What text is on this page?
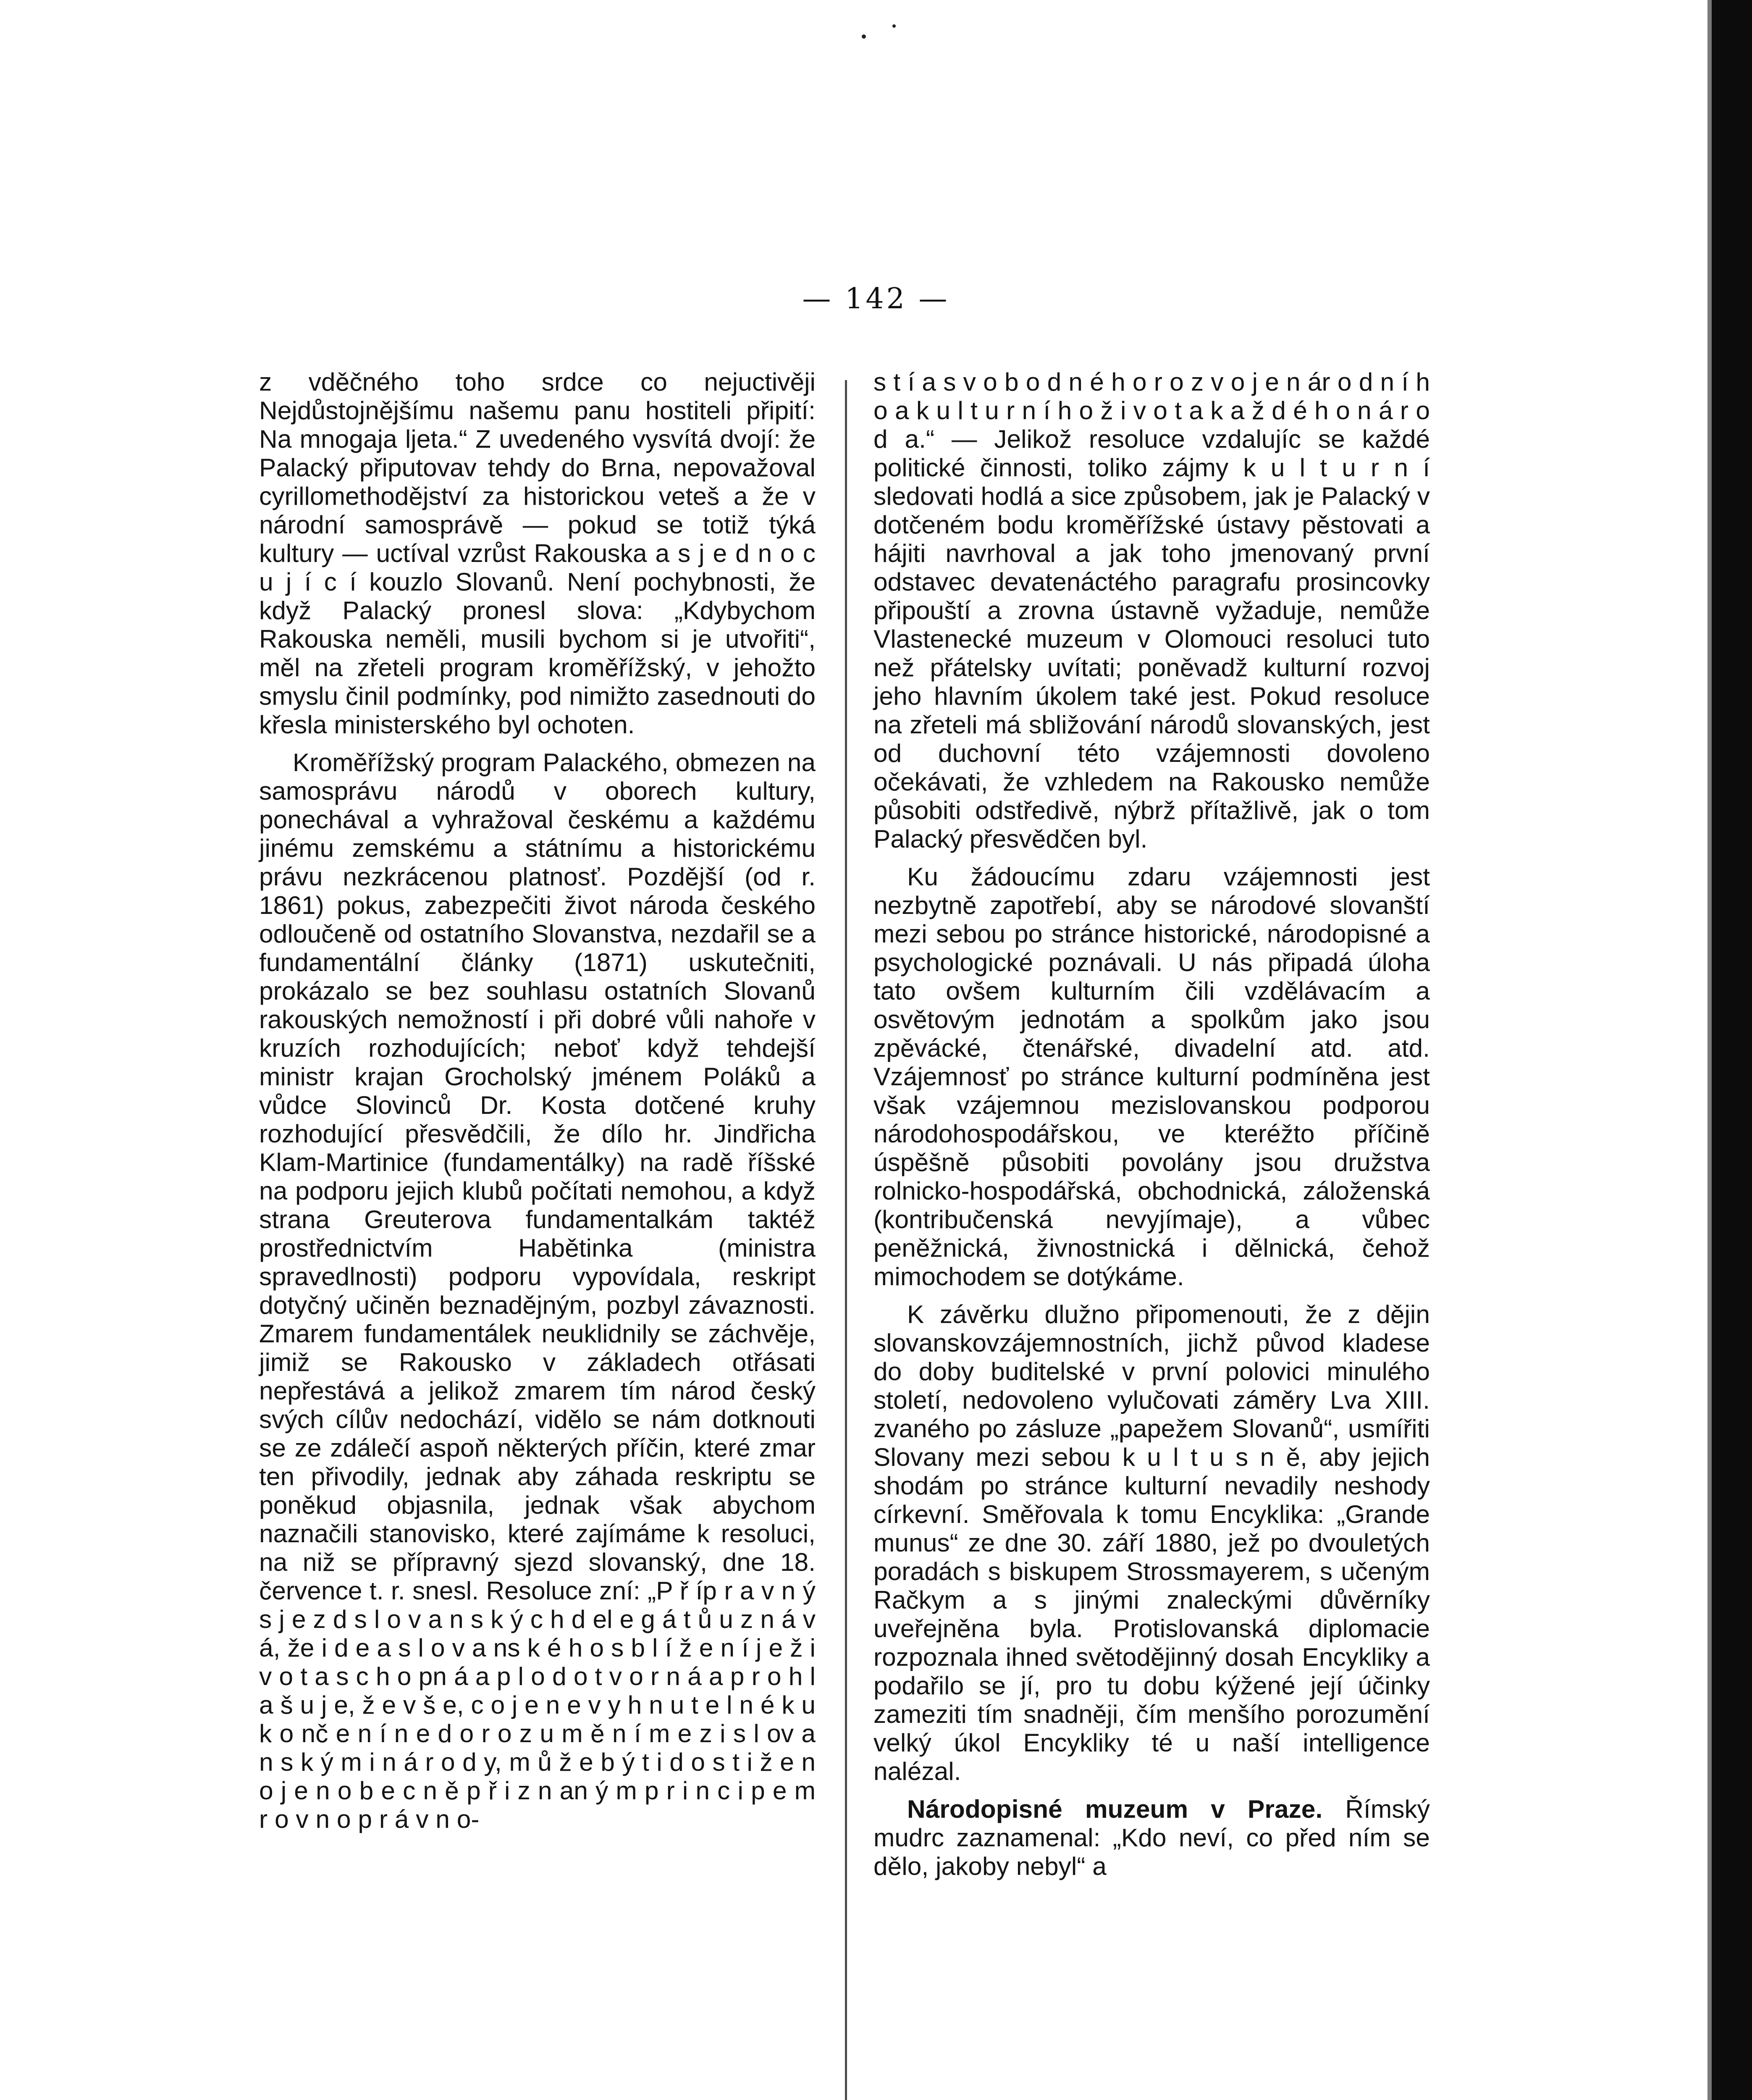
— 142 —

z vděčného toho srdce co nejuctivěji Nejdůstojnějšímu našemu panu hostiteli připití: Na mnogaja ljeta.“ Z uvedeného vysvítá dvojí: že Palacký připutovav tehdy do Brna, nepovažoval cyrillomethodějství za historickou veteš a že v národní samosprávě — pokud se totiž týká kultury — uctíval vzrůst Rakouska a s j e d n o c u j í c í kouzlo Slovanů. Není pochybnosti, že když Palacký pronesl slova: „Kdybychom Rakouska neměli, musili bychom si je utvořiti“, měl na zřeteli program kroměřížský, v jehožto smyslu činil podmínky, pod nimižto zasednouti do křesla ministerského byl ochoten.

Kroměřížský program Palackého, obmezen na samosprávu národů v oborech kultury, ponechával a vyhražoval českému a každému jinému zemskému a státnímu a historickému právu nezkrácenou platnosť. Pozdější (od r. 1861) pokus, zabezpečiti život národa českého odloučeně od ostatního Slovanstva, nezdařil se a fundamentální články (1871) uskutečniti, prokázalo se bez souhlasu ostatních Slovanů rakouských nemožností i při dobré vůli nahoře v kruzích rozhodujících; neboť když tehdejší ministr krajan Grocholský jménem Poláků a vůdce Slovinců Dr. Kosta dotčené kruhy rozhodující přesvědčili, že dílo hr. Jindřicha Klam-Martinice (fundamentálky) na radě říšské na podporu jejich klubů počítati nemohou, a když strana Greuterova fundamentalkám taktéž prostřednictvím Habětinka (ministra spravedlnosti) podporu vypovídala, reskript dotyčný učiněn beznadějným, pozbyl závaznosti. Zmarem fundamentálek neuklidnily se záchvěje, jimiž se Rakousko v základech otřásati nepřestává a jelikož zmarem tím národ český svých cílův nedochází, vidělo se nám dotknouti se ze zdálečí aspoň některých příčin, které zmar ten přivodily, jednak aby záhada reskriptu se poněkud objasnila, jednak však abychom naznačili stanovisko, které zajímáme k resoluci, na niž se přípravný sjezd slovanský, dne 18. července t. r. snesl. Resoluce zní: „P ř íp r a v n ý s j e z d s l o v a n s k ý c h d el e g á t ů u z n á v á, že i d e a s l o v a ns k é h o s b l í ž e n í j e ž i v o t a s c h o pn á a p l o d o t v o r n á a p r o h l a š u j e, ž e v š e, c o j e n e v y h n u t e l n é k u k o nč e n í n e d o r o z u m ě n í m e z i s l ov a n s k ý m i n á r o d y, m ů ž e b ý t i d o s t i ž e n o j e n o b e c n ě p ř i z n an ý m p r i n c i p e m r o v n o p r á v n o-

s t í a s v o b o d n é h o r o z v o j e n ár o d n í h o a k u l t u r n í h o ž i v o t a k a ž d é h o n á r o d a.“ — Jelikož resoluce vzdalujíc se každé politické činnosti, toliko zájmy k u l t u r n í sledovati hodlá a sice způsobem, jak je Palacký v dotčeném bodu kroměřížské ústavy pěstovati a hájiti navrhoval a jak toho jmenovaný první odstavec devatenáctého paragrafu prosincovky připouští a zrovna ústavně vyžaduje, nemůže Vlastenecké muzeum v Olomouci resoluci tuto než přátelsky uvítati; poněvadž kulturní rozvoj jeho hlavním úkolem také jest. Pokud resoluce na zřeteli má sbližování národů slovanských, jest od duchovní této vzájemnosti dovoleno očekávati, že vzhledem na Rakousko nemůže působiti odstředivě, nýbrž přítažlivě, jak o tom Palacký přesvědčen byl.

Ku žádoucímu zdaru vzájemnosti jest nezbytně zapotřebí, aby se národové slovanští mezi sebou po stránce historické, národopisné a psychologické poznávali. U nás připadá úloha tato ovšem kulturním čili vzdělávacím a osvětovým jednotám a spolkům jako jsou zpěvácké, čtenářské, divadelní atd. atd. Vzájemnosť po stránce kulturní podmíněna jest však vzájemnou mezislovanskou podporou národohospodářskou, ve kteréžto příčině úspěšně působiti povolány jsou družstva rolnicko-hospodářská, obchodnická, záloženská (kontribučenská nevyjímaje), a vůbec peněžnická, živnostnická i dělnická, čehož mimochodem se dotýkáme.

K závěrku dlužno připomenouti, že z dějin slovanskovzájemnostních, jichž původ kladese do doby buditelské v první polovici minulého století, nedovoleno vylučovati záměry Lva XIII. zvaného po zásluze „papežem Slovanů“, usmířiti Slovany mezi sebou k u l t u s n ě, aby jejich shodám po stránce kulturní nevadily neshody církevní. Směřovala k tomu Encyklika: „Grande munus“ ze dne 30. září 1880, jež po dvouletých poradách s biskupem Strossmayerem, s učeným Račkym a s jinými znaleckými důvěrníky uveřejněna byla. Protislovanská diplomacie rozpoznala ihned světodějinný dosah Encykliky a podařilo se jí, pro tu dobu kýžené její účinky zameziti tím snadněji, čím menšího porozumění velký úkol Encykliky té u naší intelligence nalézal.

Národopisné muzeum v Praze. Římský mudrc zaznamenal: „Kdo neví, co před ním se dělo, jakoby nebyl“ a
